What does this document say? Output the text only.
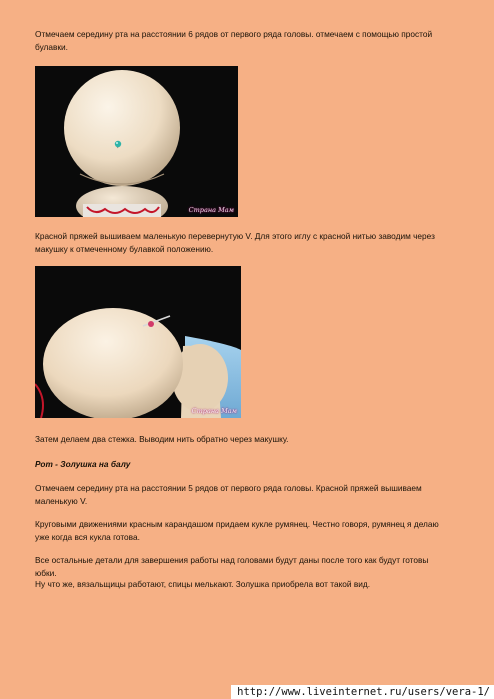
Отмечаем середину рта на расстоянии 6 рядов от первого ряда головы. отмечаем с помощью простой булавки.

Страна Мам

Красной пряжей вышиваем маленькую перевернутую V. Для этого иглу с красной нитью заводим через макушку к отмеченному булавкой положению.

Страна Мам

Затем делаем два стежка. Выводим нить обратно через макушку.

Рот - Золушка на балу

Отмечаем середину рта на расстоянии 5 рядов от первого ряда головы. Красной пряжей вышиваем маленькую V.

Круговыми движениями красным карандашом придаем кукле румянец. Честно говоря, румянец я делаю уже когда вся кукла готова.

Все остальные детали для завершения работы над головами будут даны после того как будут готовы юбки.

Ну что же, вязальщицы работают, спицы мелькают. Золушка приобрела вот такой вид.

http://www.liveinternet.ru/users/vera-1/
